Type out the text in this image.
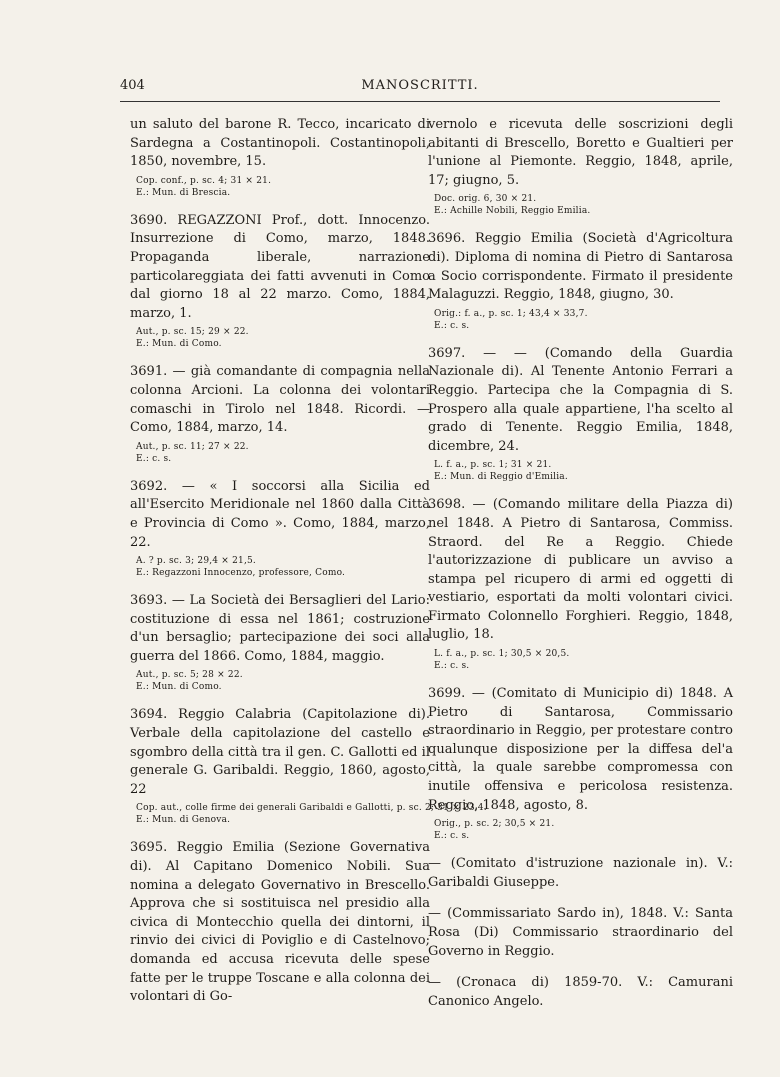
404	MANOSCRITTI.

un saluto del barone R. Tecco, incaricato di Sardegna a Costantinopoli. Costantinopoli, 1850, novembre, 15.

Cop. conf., p. sc. 4; 31 × 21.
E.: Mun. di Brescia.

3690. REGAZZONI Prof., dott. Innocenzo. Insurrezione di Como, marzo, 1848. Propaganda liberale, narrazione particolareggiata dei fatti avvenuti in Como dal giorno 18 al 22 marzo. Como, 1884, marzo, 1.

Aut., p. sc. 15; 29 × 22.
E.: Mun. di Como.

3691. — già comandante di compagnia nella colonna Arcioni. La colonna dei volontari comaschi in Tirolo nel 1848. Ricordi. — Como, 1884, marzo, 14.

Aut., p. sc. 11; 27 × 22.
E.: c. s.

3692. — « I soccorsi alla Sicilia ed all'Esercito Meridionale nel 1860 dalla Città e Provincia di Como ». Como, 1884, marzo, 22.

A. ? p. sc. 3; 29,4 × 21,5.
E.: Regazzoni Innocenzo, professore, Como.

3693. — La Società dei Bersaglieri del Lario: costituzione di essa nel 1861; costruzione d'un bersaglio; partecipazione dei soci alla guerra del 1866. Como, 1884, maggio.

Aut., p. sc. 5; 28 × 22.
E.: Mun. di Como.

3694. Reggio Calabria (Capitolazione di). Verbale della capitolazione del castello e sgombro della città tra il gen. C. Gallotti ed il generale G. Garibaldi. Reggio, 1860, agosto, 22

Cop. aut., colle firme dei generali Garibaldi e Gallotti, p. sc. 2; 31 × 23,4.
E.: Mun. di Genova.

3695. Reggio Emilia (Sezione Governativa di). Al Capitano Domenico Nobili. Sua nomina a delegato Governativo in Brescello. Approva che si sostituisca nel presidio alla civica di Montecchio quella dei dintorni, il rinvio dei civici di Poviglio e di Castelnovo; domanda ed accusa ricevuta delle spese fatte per le truppe Toscane e alla colonna dei volontari di Go-

vernolo e ricevuta delle soscrizioni degli abitanti di Brescello, Boretto e Gualtieri per l'unione al Piemonte. Reggio, 1848, aprile, 17; giugno, 5.

Doc. orig. 6, 30 × 21.
E.: Achille Nobili, Reggio Emilia.

3696. Reggio Emilia (Società d'Agricoltura di). Diploma di nomina di Pietro di Santarosa a Socio corrispondente. Firmato il presidente Malaguzzi. Reggio, 1848, giugno, 30.

Orig.: f. a., p. sc. 1; 43,4 × 33,7.
E.: c. s.

3697. — — (Comando della Guardia Nazionale di). Al Tenente Antonio Ferrari a Reggio. Partecipa che la Compagnia di S. Prospero alla quale appartiene, l'ha scelto al grado di Tenente. Reggio Emilia, 1848, dicembre, 24.

L. f. a., p. sc. 1; 31 × 21.
E.: Mun. di Reggio d'Emilia.

3698. — (Comando militare della Piazza di) nel 1848. A Pietro di Santarosa, Commiss. Straord. del Re a Reggio. Chiede l'autorizzazione di publicare un avviso a stampa pel ricupero di armi ed oggetti di vestiario, esportati da molti volontari civici. Firmato Colonnello Forghieri. Reggio, 1848, luglio, 18.

L. f. a., p. sc. 1; 30,5 × 20,5.
E.: c. s.

3699. — (Comitato di Municipio di) 1848. A Pietro di Santarosa, Commissario straordinario in Reggio, per protestare contro qualunque disposizione per la diffesa del'a città, la quale sarebbe compromessa con inutile offensiva e pericolosa resistenza. Reggio, 1848, agosto, 8.

Orig., p. sc. 2; 30,5 × 21.
E.: c. s.

— (Comitato d'istruzione nazionale in). V.: Garibaldi Giuseppe.

— (Commissariato Sardo in), 1848. V.: Santa Rosa (Di) Commissario straordinario del Governo in Reggio.

— (Cronaca di) 1859-70. V.: Camurani Canonico Angelo.
